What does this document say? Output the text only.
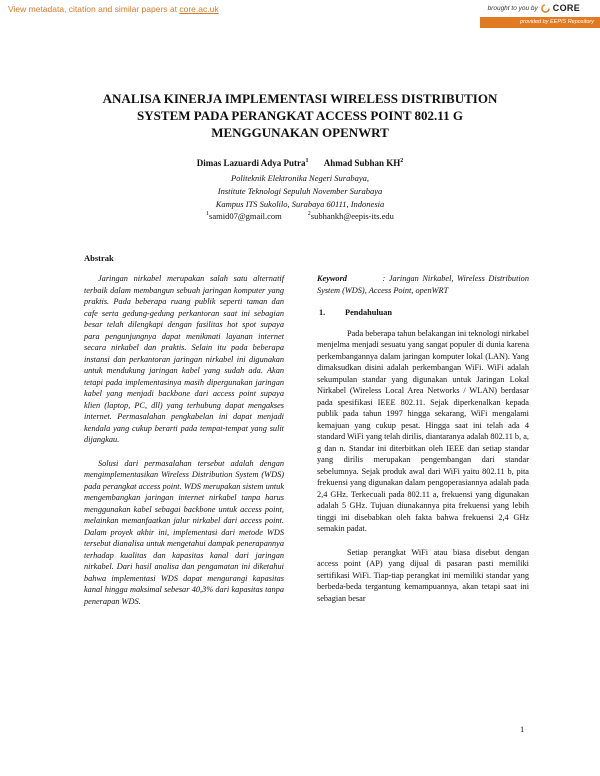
View metadata, citation and similar papers at core.ac.uk	brought to you by CORE
provided by EEPIS Repository
ANALISA KINERJA IMPLEMENTASI WIRELESS DISTRIBUTION
SYSTEM PADA PERANGKAT ACCESS POINT 802.11 G
MENGGUNAKAN OPENWRT
Dimas Lazuardi Adya Putra$^1$ Ahmad Subhan $KH^2$
Politeknik Elektronika Negeri Surabaya,
Institute Teknologi Sepuluh November Surabaya
Kampus ITS Sukolilo, Surabaya 60111, Indonesia
$^1$samid07@gmail.com	$^2$subhankh@eepis-its.edu
Abstrak

Jaringan nirkabel merupakan salah satu alternatif terbaik dalam membangun sebuah jaringan komputer yang praktis. Pada beberapa ruang publik seperti taman dan cafe serta gedung-gedung perkantoran saat ini sebagian besar telah dilengkapi dengan fasilitas hot spot supaya para pengunjungnya dapat menikmati layanan internet secara nirkabel dan praktis. Selain itu pada beberapa instansi dan perkantoran jaringan nirkabel ini digunakan untuk mendukung jaringan kabel yang sudah ada. Akan tetapi pada implementasinya masih dipergunakan jaringan kabel yang menjadi backbone dari access point supaya klien (laptop, PC, dll) yang terhubung dapat mengakses internet. Permasalahan pengkabelan ini dapat menjadi kendala yang cukup berarti pada tempat-tempat yang sulit dijangkau.

Solusi dari permasalahan tersebut adalah dengan mengimplementasikan Wireless Distribution System (WDS) pada perangkat access point. WDS merupakan sistem untuk mengembangkan jaringan internet nirkabel tanpa harus menggunakan kabel sebagai backbone untuk access point, melainkan memanfaatkan jalur nirkabel dari access point. Dalam proyek akhir ini, implementasi dari metode WDS tersebut dianalisa untuk mengetahui dampak penerapannya terhadap kualitas dan kapasitas kanal dari jaringan nirkabel. Dari hasil analisa dan pengamatan ini diketahui bahwa implementasi WDS dapat mengurangi kapasitas kanal hingga maksimal sebesar 40,3% dari kapasitas tanpa penerapan WDS.

Keyword	: Jaringan Nirkabel, Wireless Distribution System (WDS), Access Point, openWRT

1. Pendahuluan

Pada beberapa tahun belakangan ini teknologi nirkabel menjelma menjadi sesuatu yang sangat populer di dunia karena perkembangannya dalam jaringan komputer lokal (LAN). Yang dimaksudkan disini adalah perkembangan WiFi. WiFi adalah sekumpulan standar yang digunakan untuk Jaringan Lokal Nirkabel (Wireless Local Area Networks / WLAN) berdasar pada spesifikasi IEEE 802.11. Sejak diperkenalkan kepada publik pada tahun 1997 hingga sekarang, WiFi mengalami kemajuan yang cukup pesat. Hingga saat ini telah ada 4 standard WiFi yang telah dirilis, diantaranya adalah 802.11 b, a, g dan n. Standar ini diterbitkan oleh IEEE dan setiap standar yang dirilis merupakan pengembangan dari standar sebelumnya. Sejak produk awal dari WiFi yaitu 802.11 b, pita frekuensi yang digunakan dalam pengoperasiannya adalah pada 2,4 GHz. Terkecuali pada 802.11 a, frekuensi yang digunakan adalah 5 GHz. Tujuan diunakannya pita frekuensi yang lebih tinggi ini disebabkan oleh fakta bahwa frekuensi 2,4 GHz semakin padat.

Setiap perangkat WiFi atau biasa disebut dengan access point (AP) yang dijual di pasaran pasti memiliki sertifikasi WiFi. Tiap-tiap perangkat ini memiliki standar yang berbeda-beda tergantung kemampuannya, akan tetapi saat ini sebagian besar

1
